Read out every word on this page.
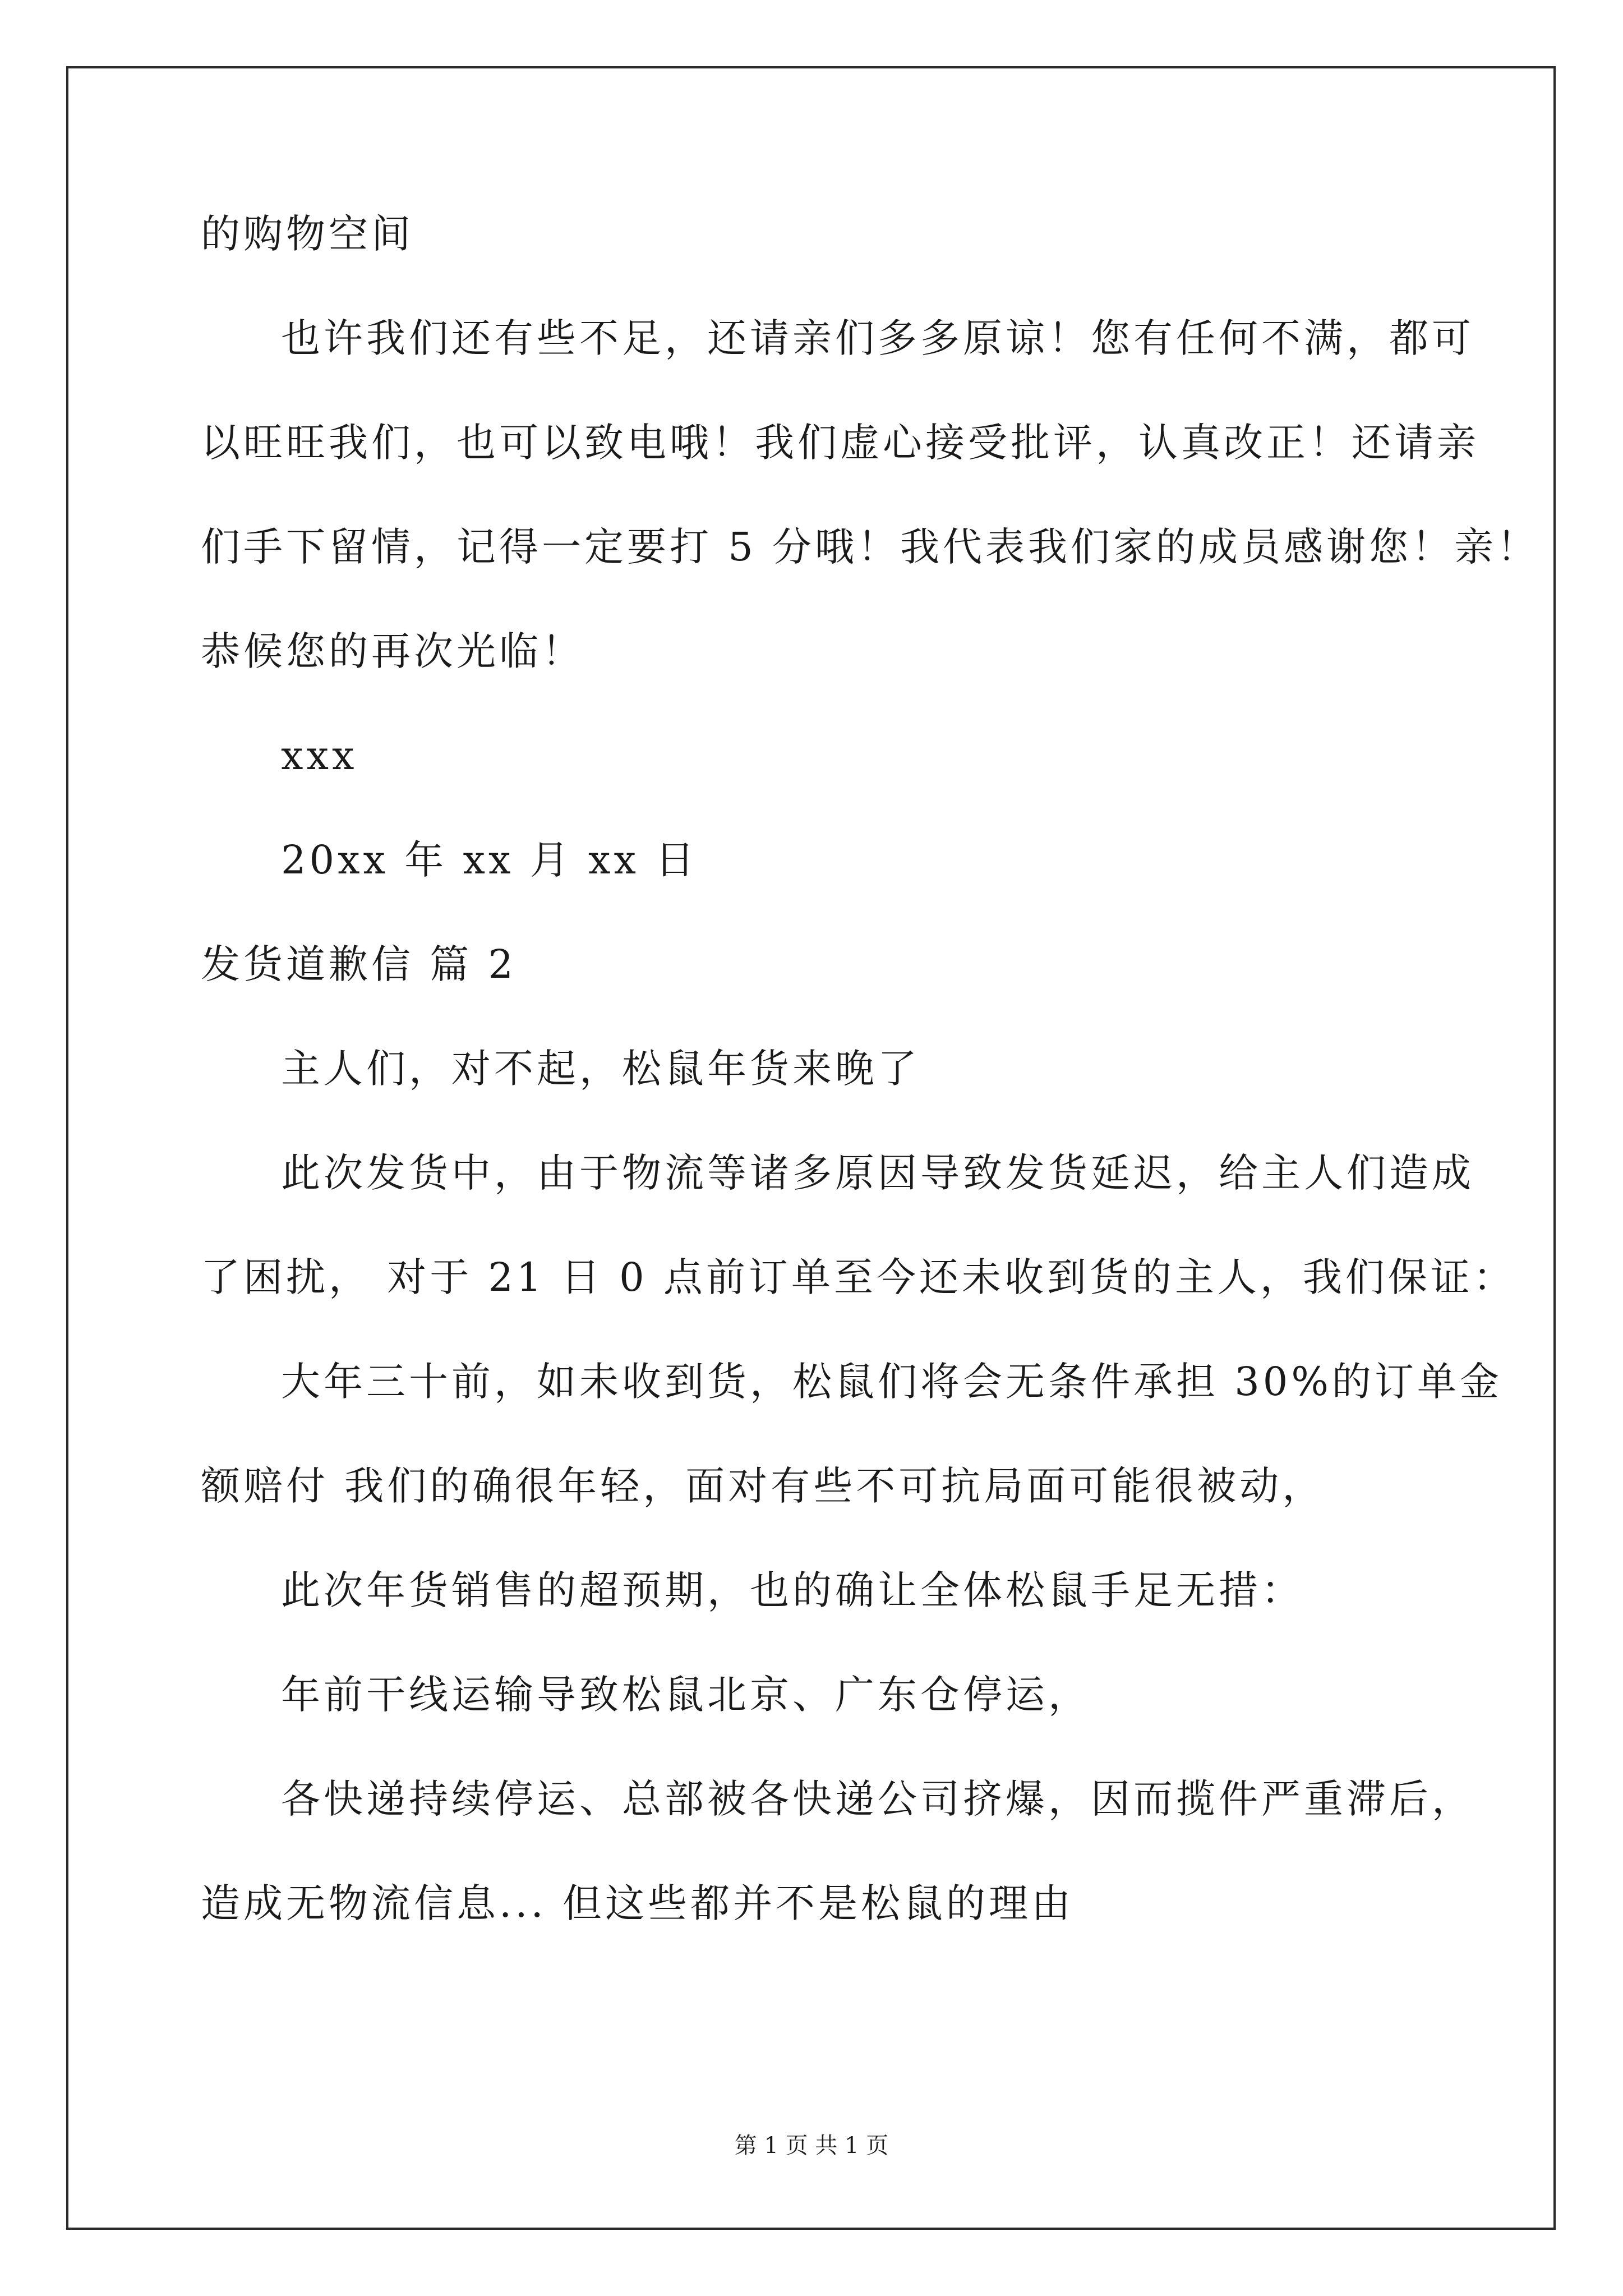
的购物空间
也许我们还有些不足，还请亲们多多原谅！您有任何不满，都可
以旺旺我们，也可以致电哦！我们虚心接受批评，认真改正！还请亲
们手下留情，记得一定要打 5 分哦！我代表我们家的成员感谢您！亲！
恭候您的再次光临！
xxx
20xx 年 xx 月 xx 日
发货道歉信 篇 2
主人们，对不起，松鼠年货来晚了
此次发货中，由于物流等诸多原因导致发货延迟，给主人们造成
了困扰， 对于 21 日 0 点前订单至今还未收到货的主人，我们保证：
大年三十前，如未收到货，松鼠们将会无条件承担 30%的订单金
额赔付 我们的确很年轻，面对有些不可抗局面可能很被动，
此次年货销售的超预期，也的确让全体松鼠手足无措：
年前干线运输导致松鼠北京、广东仓停运，
各快递持续停运、总部被各快递公司挤爆，因而揽件严重滞后，
造成无物流信息... 但这些都并不是松鼠的理由
第 1 页 共 1 页
